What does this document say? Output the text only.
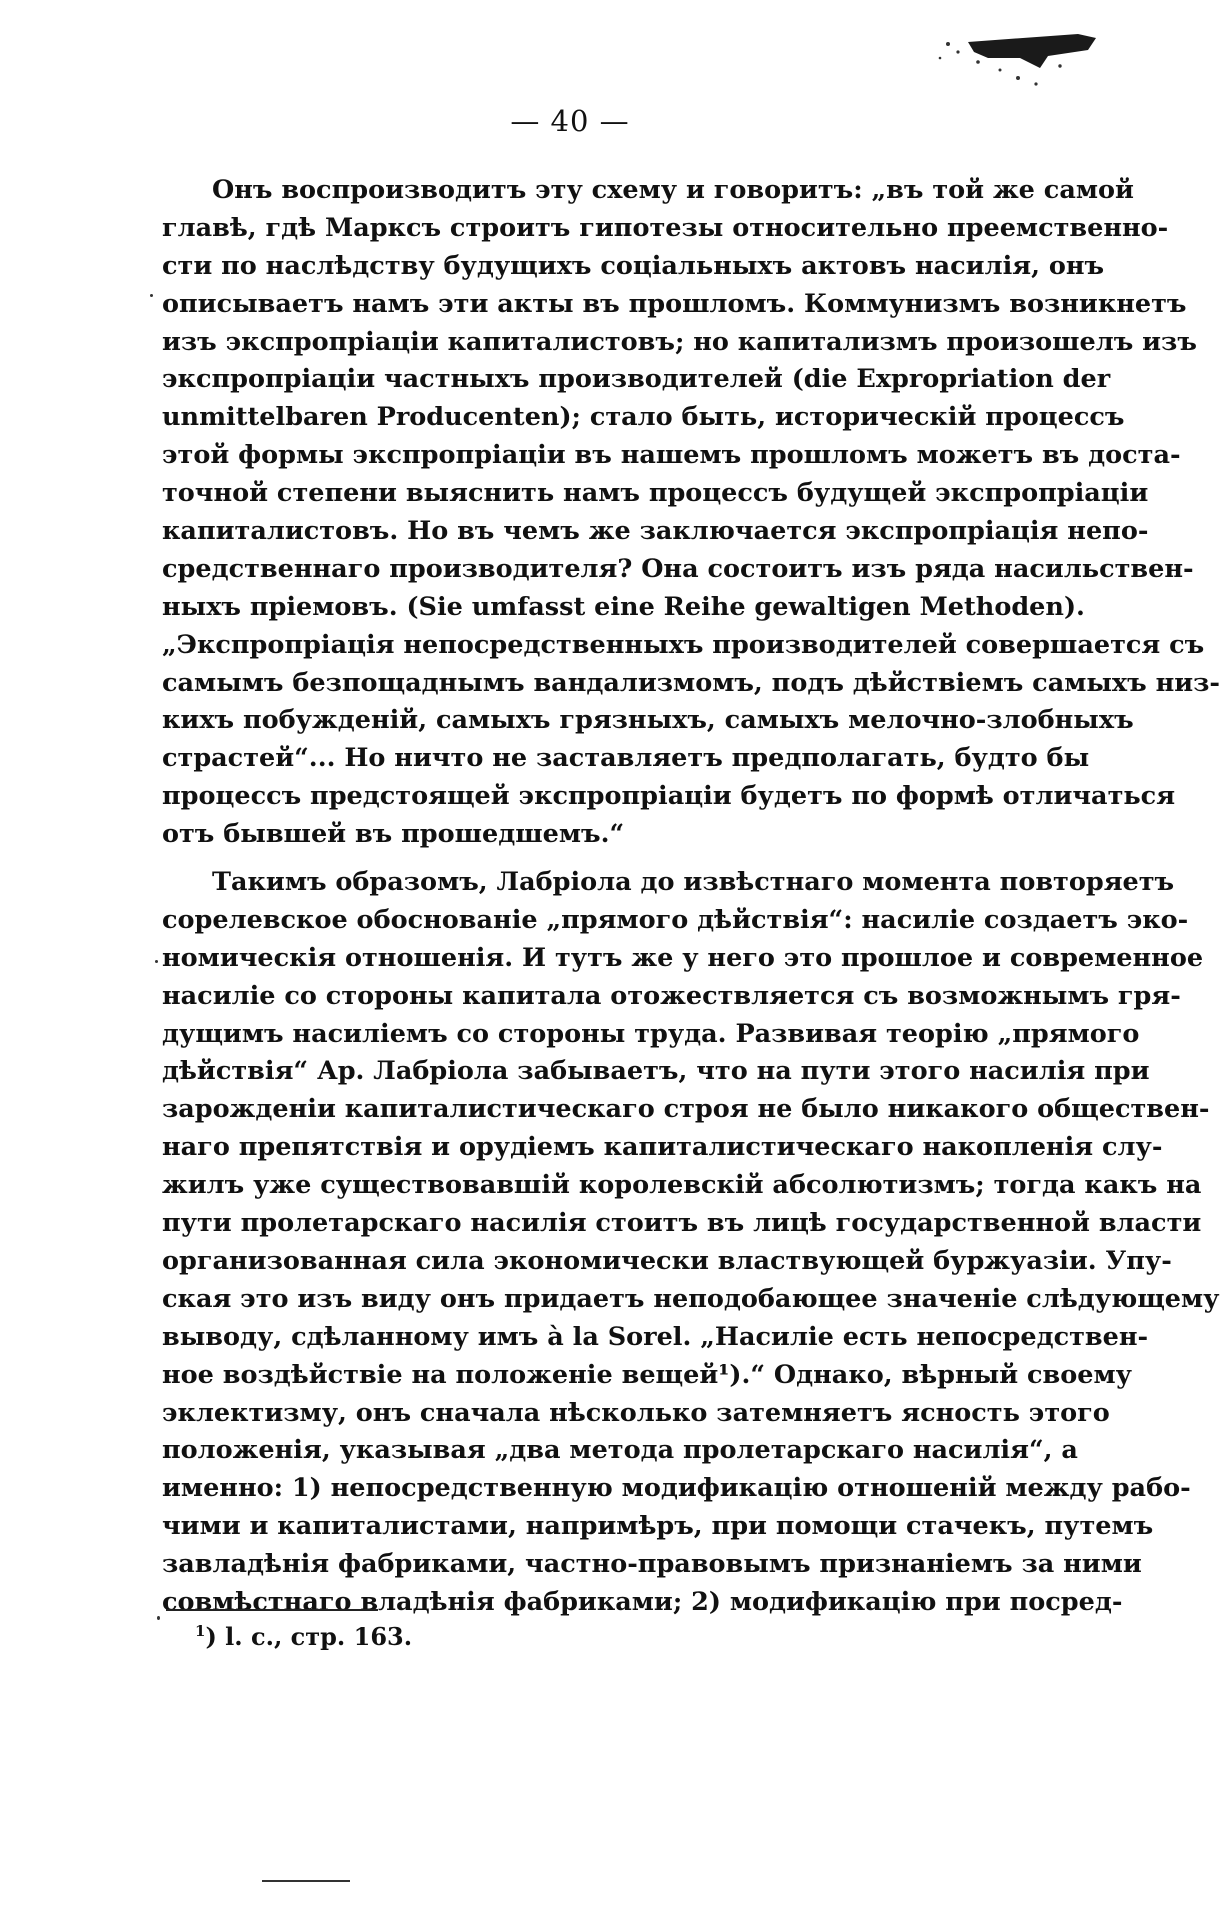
— 40 —
Онъ воспроизводитъ эту схему и говоритъ: „въ той же самой
главѣ, гдѣ Марксъ строитъ гипотезы относительно преемственно-
сти по наслѣдству будущихъ соціальныхъ актовъ насилія, онъ
описываетъ намъ эти акты въ прошломъ. Коммунизмъ возникнетъ
изъ экспропріаціи капиталистовъ; но капитализмъ произошелъ изъ
экспропріаціи частныхъ производителей (die Exproprіation der
unmittelbaren Producenten); стало быть, историческій процессъ
этой формы экспропріаціи въ нашемъ прошломъ можетъ въ доста-
точной степени выяснить намъ процессъ будущей экспропріаціи
капиталистовъ. Но въ чемъ же заключается экспропріація непо-
средственнаго производителя? Она состоитъ изъ ряда насильствен-
ныхъ пріемовъ. (Sie umfasst eine Reihe gewaltigen Methoden).
„Экспропріація непосредственныхъ производителей совершается съ
самымъ безпощаднымъ вандализмомъ, подъ дѣйствіемъ самыхъ низ-
кихъ побужденій, самыхъ грязныхъ, самыхъ мелочно-злобныхъ
страстей“... Но ничто не заставляетъ предполагать, будто бы
процессъ предстоящей экспропріаціи будетъ по формѣ отличаться
отъ бывшей въ прошедшемъ.“
Такимъ образомъ, Лабріола до извѣстнаго момента повторяетъ
сорелевское обоснованіе „прямого дѣйствія“: насиліе создаетъ эко-
номическія отношенія. И тутъ же у него это прошлое и современное
насиліе со стороны капитала отожествляется съ возможнымъ гря-
дущимъ насиліемъ со стороны труда. Развивая теорію „прямого
дѣйствія“ Ар. Лабріола забываетъ, что на пути этого насилія при
зарожденіи капиталистическаго строя не было никакого обществен-
наго препятствія и орудіемъ капиталистическаго накопленія слу-
жилъ уже существовавшій королевскій абсолютизмъ; тогда какъ на
пути пролетарскаго насилія стоитъ въ лицѣ государственной власти
организованная сила экономически властвующей буржуазіи. Упу-
ская это изъ виду онъ придаетъ неподобающее значеніе слѣдующему
выводу, сдѣланному имъ à la Sorel. „Насиліе есть непосредствен-
ное воздѣйствіе на положеніе вещей¹).“ Однако, вѣрный своему
эклектизму, онъ сначала нѣсколько затемняетъ ясность этого
положенія, указывая „два метода пролетарскаго насилія“, а
именно: 1) непосредственную модификацію отношеній между рабо-
чими и капиталистами, напримѣръ, при помощи стачекъ, путемъ
завладѣнія фабриками, частно-правовымъ признаніемъ за ними
совмѣстнаго владѣнія фабриками; 2) модификацію при посред-
$^1$) l. c., стр. 163.
